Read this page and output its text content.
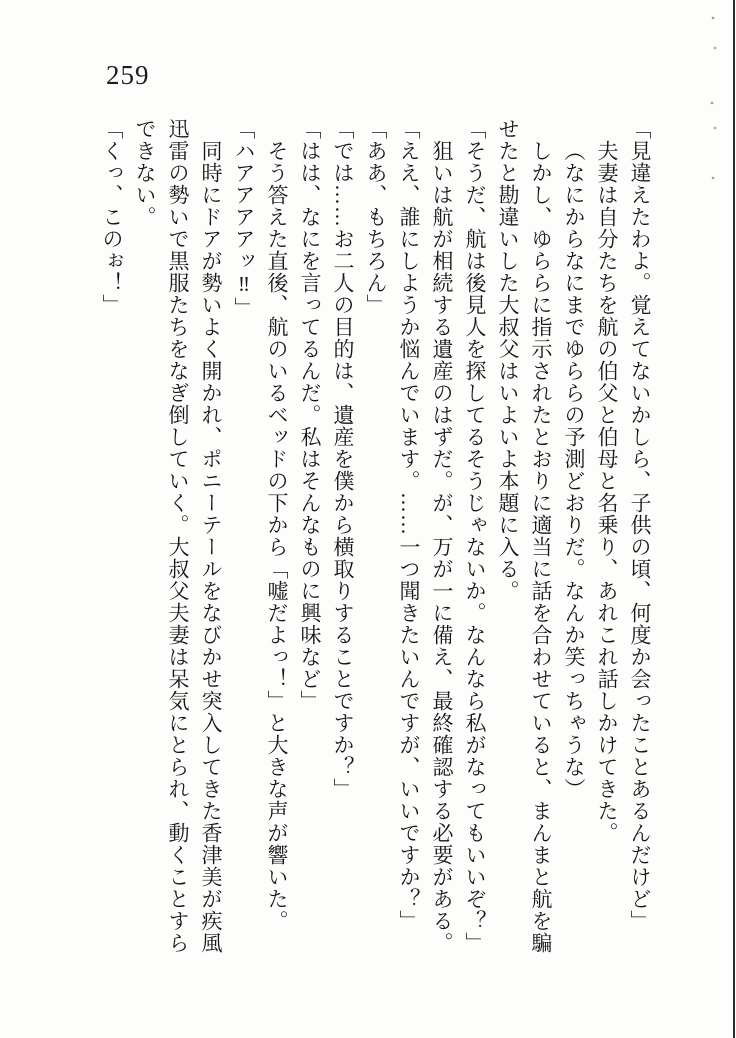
259
「見違えたわよ。覚えてないかしら、子供の頃、何度か会ったことあるんだけど」
夫妻は自分たちを航の伯父と伯母と名乗り、あれこれ話しかけてきた。
（なにからなにまでゆららの予測どおりだ。なんか笑っちゃうな）
しかし、ゆららに指示されたとおりに適当に話を合わせていると、まんまと航を騙
せたと勘違いした大叔父はいよいよ本題に入る。
「そうだ、航は後見人を探してるそうじゃないか。なんなら私がなってもいいぞ？」
狙いは航が相続する遺産のはずだ。が、万が一に備え、最終確認する必要がある。
「ええ、誰にしようか悩んでいます。……一つ聞きたいんですが、いいですか？」
「ああ、もちろん」
「では……お二人の目的は、遺産を僕から横取りすることですか？」
「はは、なにを言ってるんだ。私はそんなものに興味など」
そう答えた直後、航のいるベッドの下から「嘘だよっ！」と大きな声が響いた。
「ハアアアアッ‼」
同時にドアが勢いよく開かれ、ポニーテールをなびかせ突入してきた香津美が疾風
迅雷の勢いで黒服たちをなぎ倒していく。大叔父夫妻は呆気にとられ、動くことすら
できない。
「くっ、このぉ！」
